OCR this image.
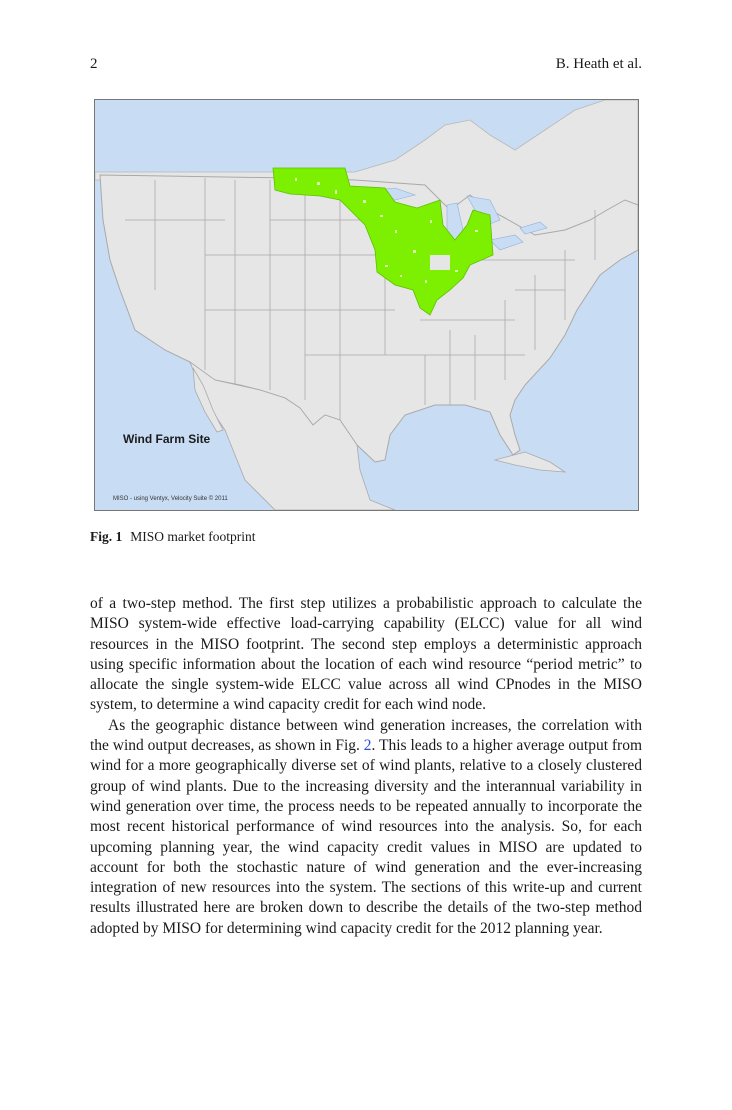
2	B. Heath et al.
Wind Farm Site
MISO - using Ventyx, Velocity Suite © 2011
Fig. 1 MISO market footprint

of a two-step method. The first step utilizes a probabilistic approach to calculate the MISO system-wide effective load-carrying capability (ELCC) value for all wind resources in the MISO footprint. The second step employs a deterministic approach using specific information about the location of each wind resource “period metric” to allocate the single system-wide ELCC value across all wind CPnodes in the MISO system, to determine a wind capacity credit for each wind node.

As the geographic distance between wind generation increases, the correlation with the wind output decreases, as shown in Fig. 2. This leads to a higher average output from wind for a more geographically diverse set of wind plants, relative to a closely clustered group of wind plants. Due to the increasing diversity and the interannual variability in wind generation over time, the process needs to be repeated annually to incorporate the most recent historical performance of wind resources into the analysis. So, for each upcoming planning year, the wind capacity credit values in MISO are updated to account for both the stochastic nature of wind generation and the ever-increasing integration of new resources into the system. The sections of this write-up and current results illustrated here are broken down to describe the details of the two-step method adopted by MISO for determining wind capacity credit for the 2012 planning year.
